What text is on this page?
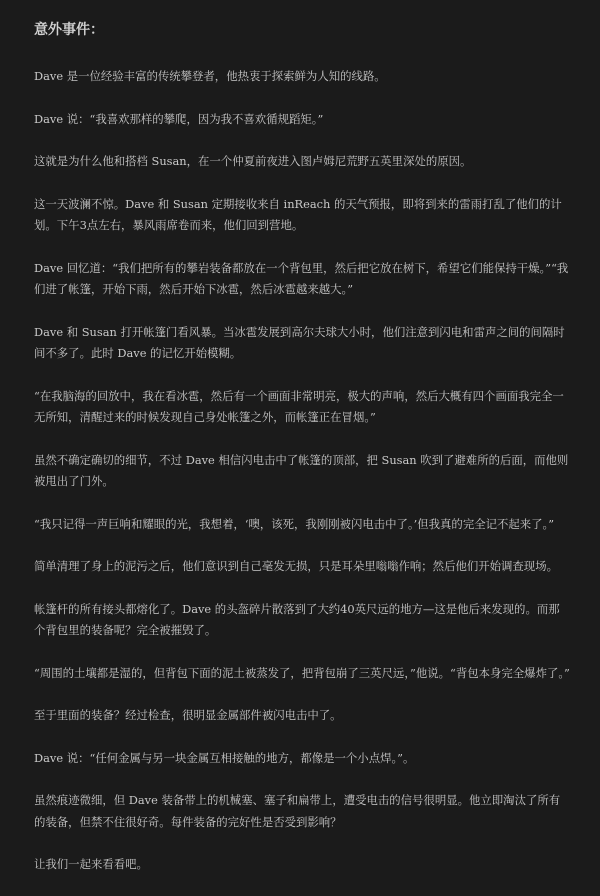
意外事件：

Dave 是一位经验丰富的传统攀登者，他热衷于探索鲜为人知的线路。

Dave 说：“我喜欢那样的攀爬，因为我不喜欢循规蹈矩。”

这就是为什么他和搭档 Susan，在一个仲夏前夜进入图卢姆尼荒野五英里深处的原因。

这一天波澜不惊。Dave 和 Susan 定期接收来自 inReach 的天气预报，即将到来的雷雨打乱了他们的计划。下午3点左右，暴风雨席卷而来，他们回到营地。

Dave 回忆道：“我们把所有的攀岩装备都放在一个背包里，然后把它放在树下，希望它们能保持干燥。”“我们进了帐篷，开始下雨，然后开始下冰雹，然后冰雹越来越大。”

Dave 和 Susan 打开帐篷门看风暴。当冰雹发展到高尔夫球大小时，他们注意到闪电和雷声之间的间隔时间不多了。此时 Dave 的记忆开始模糊。

“在我脑海的回放中，我在看冰雹，然后有一个画面非常明亮，极大的声响，然后大概有四个画面我完全一无所知，清醒过来的时候发现自己身处帐篷之外，而帐篷正在冒烟。”

虽然不确定确切的细节，不过 Dave 相信闪电击中了帐篷的顶部，把 Susan 吹到了避难所的后面，而他则被甩出了门外。

“我只记得一声巨响和耀眼的光，我想着，‘噢，该死，我刚刚被闪电击中了。’但我真的完全记不起来了。”

简单清理了身上的泥污之后，他们意识到自己毫发无损，只是耳朵里嗡嗡作响；然后他们开始调查现场。

帐篷杆的所有接头都熔化了。Dave 的头盔碎片散落到了大约40英尺远的地方—这是他后来发现的。而那个背包里的装备呢？完全被摧毁了。

“周围的土壤都是湿的，但背包下面的泥土被蒸发了，把背包崩了三英尺远，”他说。“背包本身完全爆炸了。”

至于里面的装备？经过检查，很明显金属部件被闪电击中了。

Dave 说：“任何金属与另一块金属互相接触的地方，都像是一个小点焊。”。

虽然痕迹微细，但 Dave 装备带上的机械塞、塞子和扁带上，遭受电击的信号很明显。他立即淘汰了所有的装备，但禁不住很好奇。每件装备的完好性是否受到影响？

让我们一起来看看吧。
